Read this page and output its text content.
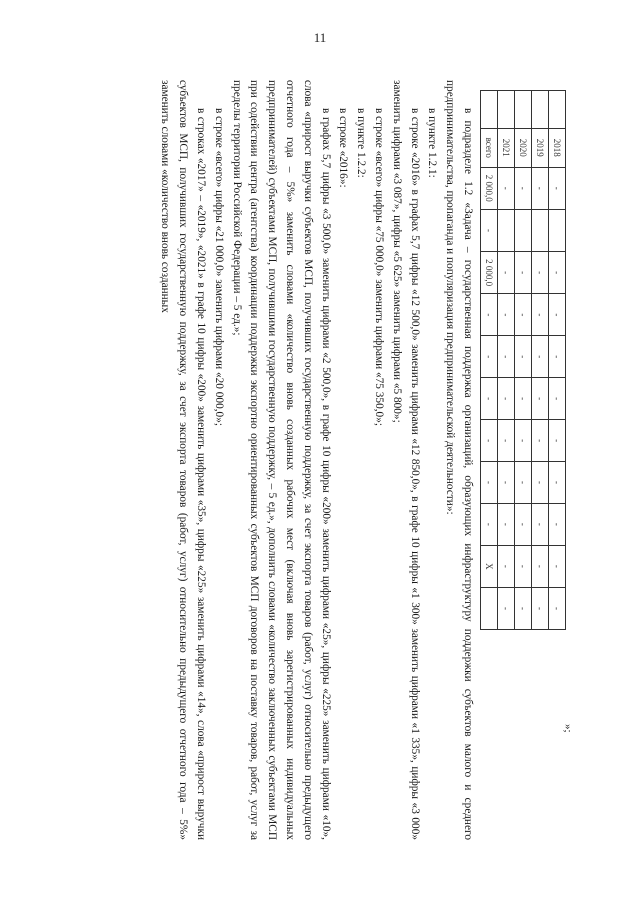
11
	2018	-		-	-	-	-	-	-	-	-	-
	2019	-		-	-	-	-	-	-	-	-	-
	2020	-		-	-	-	-	-	-	-	-	-
	2021	-		-	-	-	-	-	-	-	-	-
	всего	2 000,0	-	2 000,0	-	-	-	-	-	-	X	
»;

в подразделе 1.2 «Задача – государственная поддержка организаций, образующих инфраструктуру поддержки субъектов малого и среднего предпринимательства, пропаганда и популяризация предпринимательской деятельности»:

в пункте 1.2.1:

в строке «2016» в графах 5,7 цифры «12 500,0» заменить цифрами «12 850,0», в графе 10 цифры «1 300» заменить цифрами «1 335», цифры «3 000» заменить цифрами «3 087», цифры «5 625» заменить цифрами «5 800»;

в строке «всего» цифры «75 000,0» заменить цифрами «75 350,0»;

в пункте 1.2.2:

в строке «2016»:

в графах 5,7 цифры «3 500,0» заменить цифрами «2 500,0», в графе 10 цифры «200» заменить цифрами «25», цифры «225» заменить цифрами «10», слова «прирост выручки субъектов МСП, получивших государственную поддержку, за счет экспорта товаров (работ, услуг) относительно предыдущего отчетного года – 5%» заменить словами «количество вновь созданных рабочих мест (включая вновь зарегистрированных индивидуальных предпринимателей) субъектами МСП, получившими государственную поддержку, – 5 ед.», дополнить словами «количество заключенных субъектами МСП при содействии центра (агентства) координации поддержки экспортно ориентированных субъектов МСП договоров на поставку товаров, работ, услуг за пределы территории Российской Федерации – 5 ед.»;

в строке «всего» цифры «21 000,0» заменить цифрами «20 000,0»;

в строках «2017» – «2019», «2021» в графе 10 цифры «200» заменить цифрами «35», цифры «225» заменить цифрами «14», слова «прирост выручки субъектов МСП, получивших государственную поддержку, за счет экспорта товаров (работ, услуг) относительно предыдущего отчетного года – 5%» заменить словами «количество вновь созданных
